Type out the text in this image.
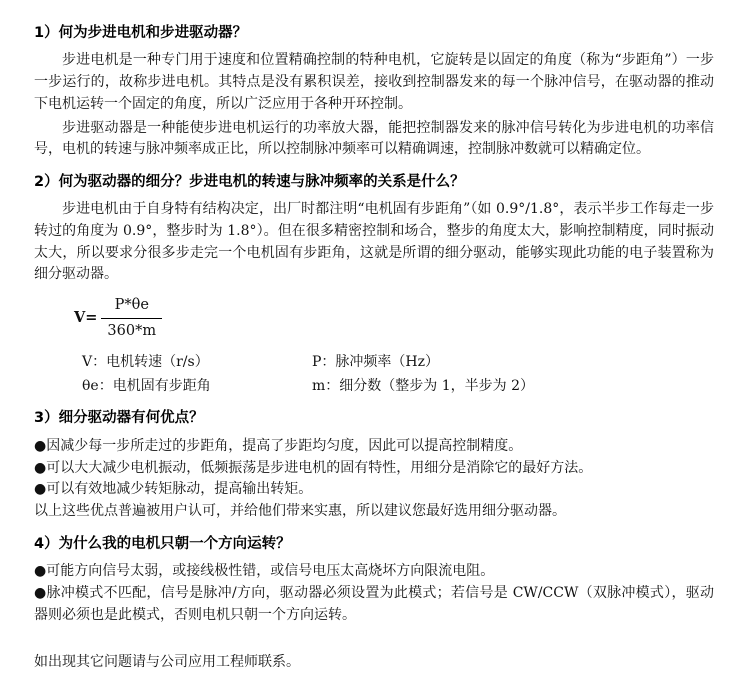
1）何为步进电机和步进驱动器？

步进电机是一种专门用于速度和位置精确控制的特种电机，它旋转是以固定的角度（称为“步距角”）一步一步运行的，故称步进电机。其特点是没有累积误差，接收到控制器发来的每一个脉冲信号，在驱动器的推动下电机运转一个固定的角度，所以广泛应用于各种开环控制。

步进驱动器是一种能使步进电机运行的功率放大器，能把控制器发来的脉冲信号转化为步进电机的功率信号，电机的转速与脉冲频率成正比，所以控制脉冲频率可以精确调速，控制脉冲数就可以精确定位。

2）何为驱动器的细分？步进电机的转速与脉冲频率的关系是什么？

步进电机由于自身特有结构决定，出厂时都注明“电机固有步距角”（如 0.9°/1.8°，表示半步工作每走一步转过的角度为 0.9°，整步时为 1.8°）。但在很多精密控制和场合，整步的角度太大，影响控制精度，同时振动太大，所以要求分很多步走完一个电机固有步距角，这就是所谓的细分驱动，能够实现此功能的电子装置称为细分驱动器。

$V= \frac{P*\theta e}{360*m}$
V：电机转速（r/s）	P：脉冲频率（Hz）
θe：电机固有步距角	m：细分数（整步为 1，半步为 2）
3）细分驱动器有何优点？

●因减少每一步所走过的步距角，提高了步距均匀度，因此可以提高控制精度。

●可以大大减少电机振动，低频振荡是步进电机的固有特性，用细分是消除它的最好方法。

●可以有效地减少转矩脉动，提高输出转矩。

以上这些优点普遍被用户认可，并给他们带来实惠，所以建议您最好选用细分驱动器。

4）为什么我的电机只朝一个方向运转？

●可能方向信号太弱，或接线极性错，或信号电压太高烧坏方向限流电阻。

●脉冲模式不匹配，信号是脉冲/方向，驱动器必须设置为此模式；若信号是 CW/CCW（双脉冲模式），驱动器则必须也是此模式，否则电机只朝一个方向运转。

如出现其它问题请与公司应用工程师联系。
